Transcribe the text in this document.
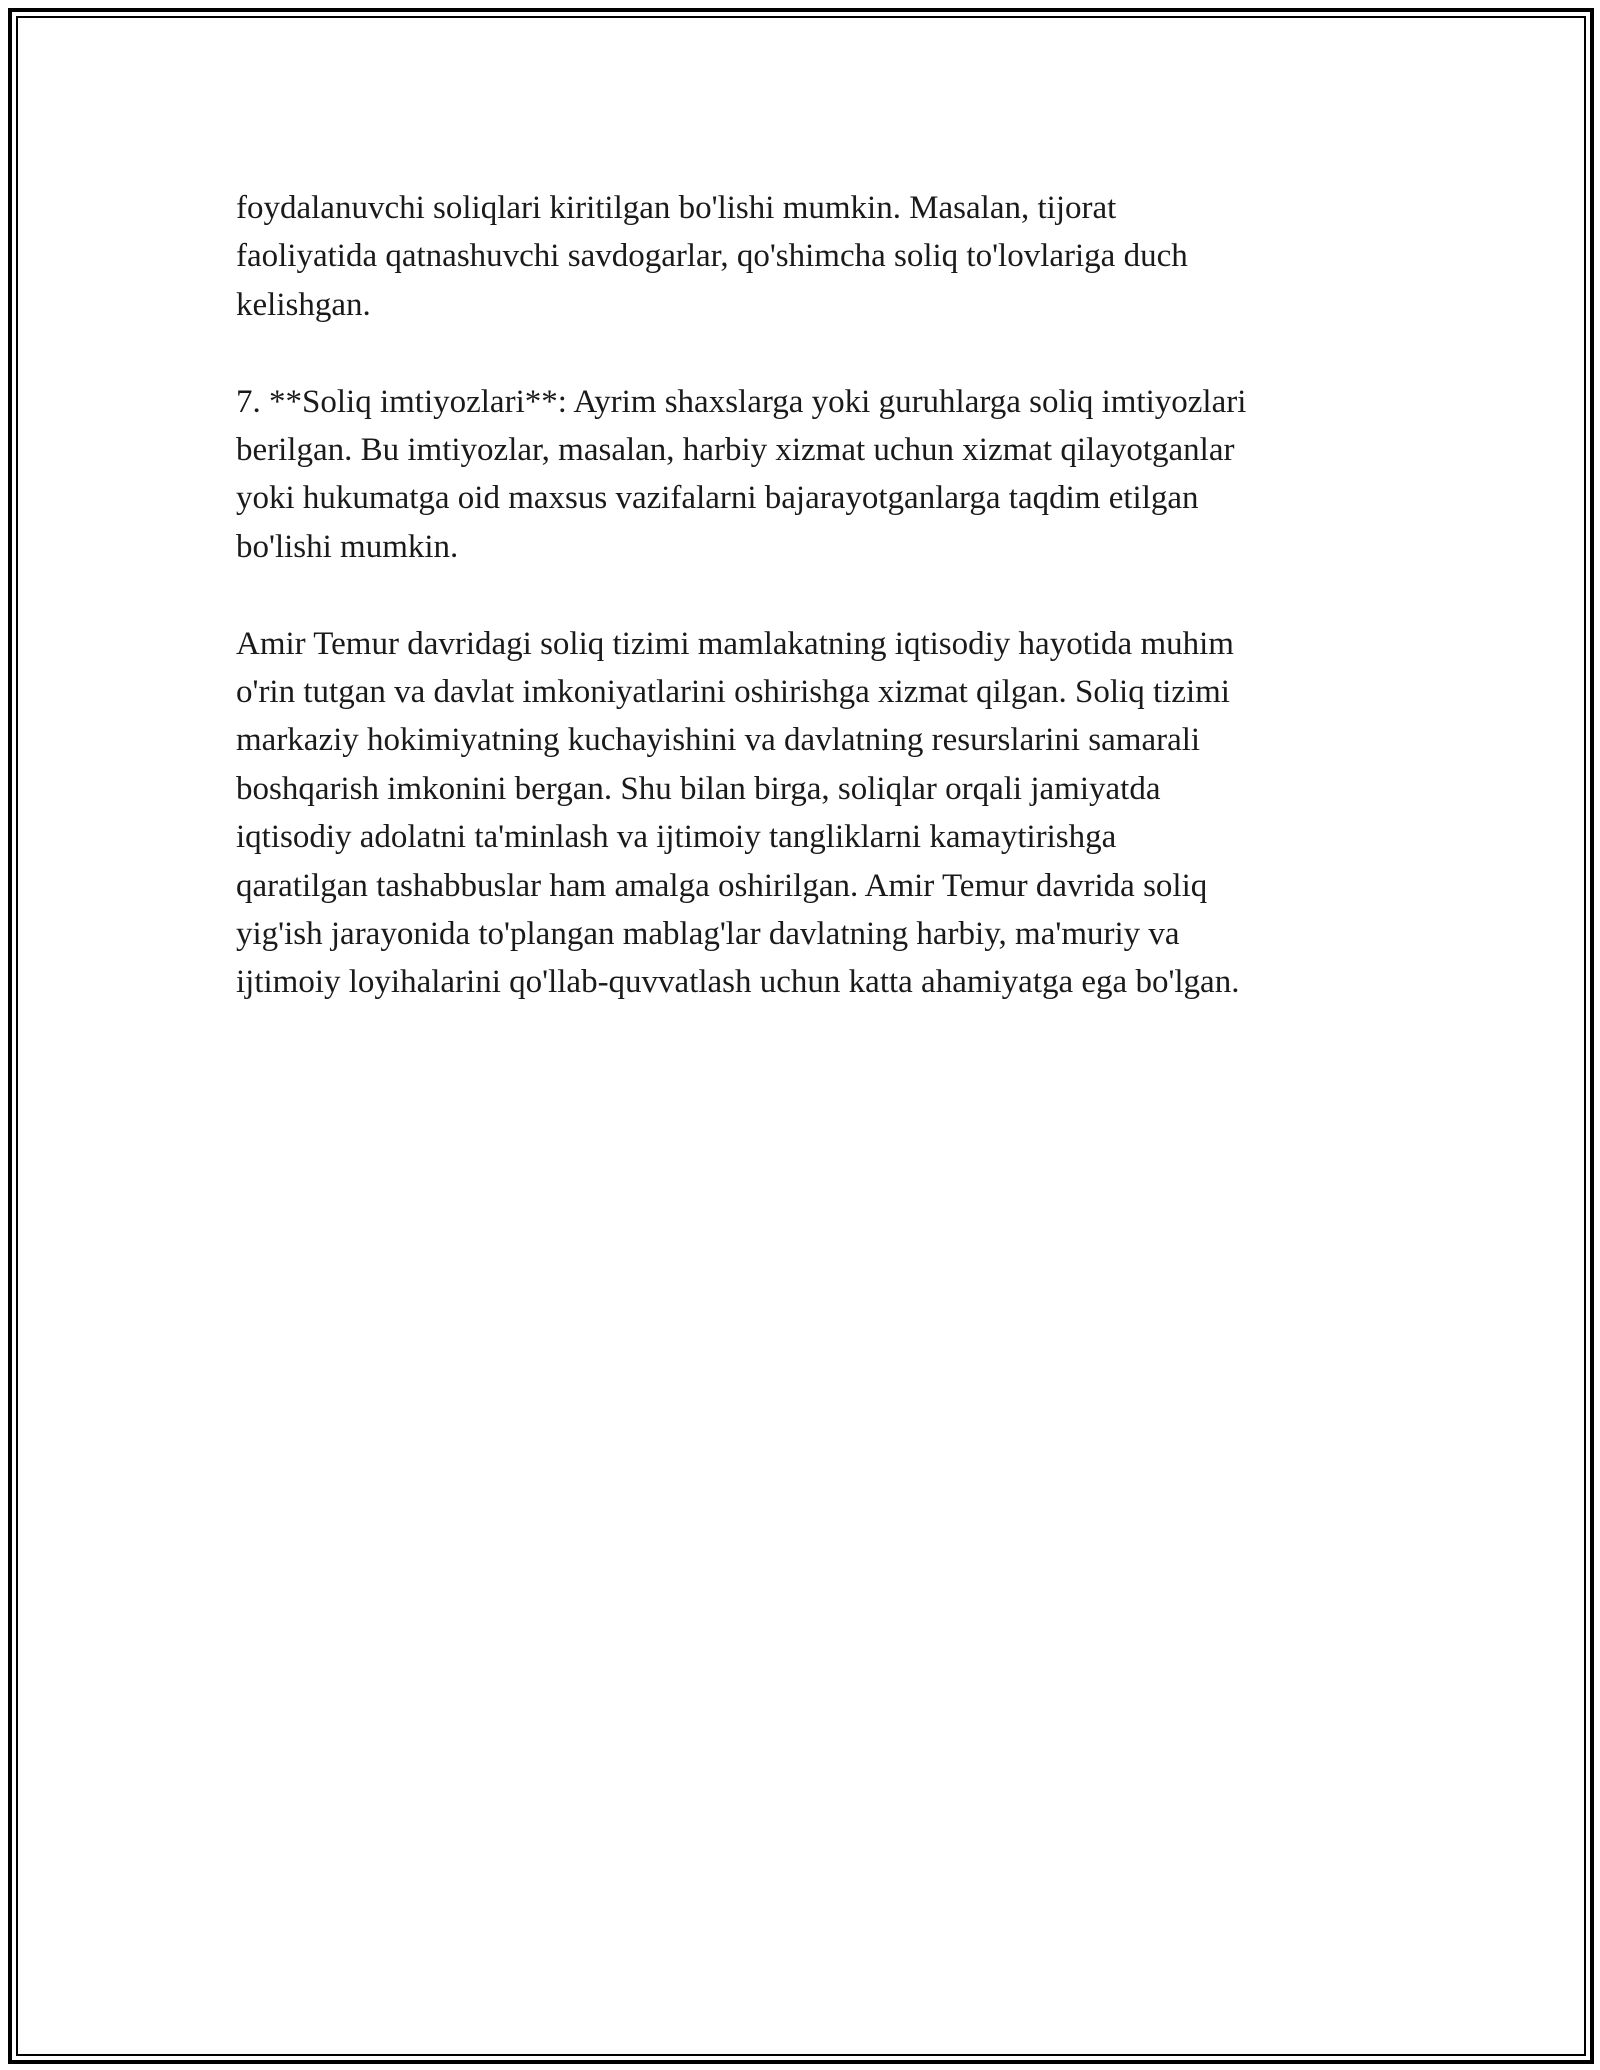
foydalanuvchi soliqlari kiritilgan bo'lishi mumkin. Masalan, tijorat
faoliyatida qatnashuvchi savdogarlar, qo'shimcha soliq to'lovlariga duch
kelishgan.

7. **Soliq imtiyozlari**: Ayrim shaxslarga yoki guruhlarga soliq imtiyozlari
berilgan. Bu imtiyozlar, masalan, harbiy xizmat uchun xizmat qilayotganlar
yoki hukumatga oid maxsus vazifalarni bajarayotganlarga taqdim etilgan
bo'lishi mumkin.

Amir Temur davridagi soliq tizimi mamlakatning iqtisodiy hayotida muhim
o'rin tutgan va davlat imkoniyatlarini oshirishga xizmat qilgan. Soliq tizimi
markaziy hokimiyatning kuchayishini va davlatning resurslarini samarali
boshqarish imkonini bergan. Shu bilan birga, soliqlar orqali jamiyatda
iqtisodiy adolatni ta'minlash va ijtimoiy tangliklarni kamaytirishga
qaratilgan tashabbuslar ham amalga oshirilgan. Amir Temur davrida soliq
yig'ish jarayonida to'plangan mablag'lar davlatning harbiy, ma'muriy va
ijtimoiy loyihalarini qo'llab-quvvatlash uchun katta ahamiyatga ega bo'lgan.
